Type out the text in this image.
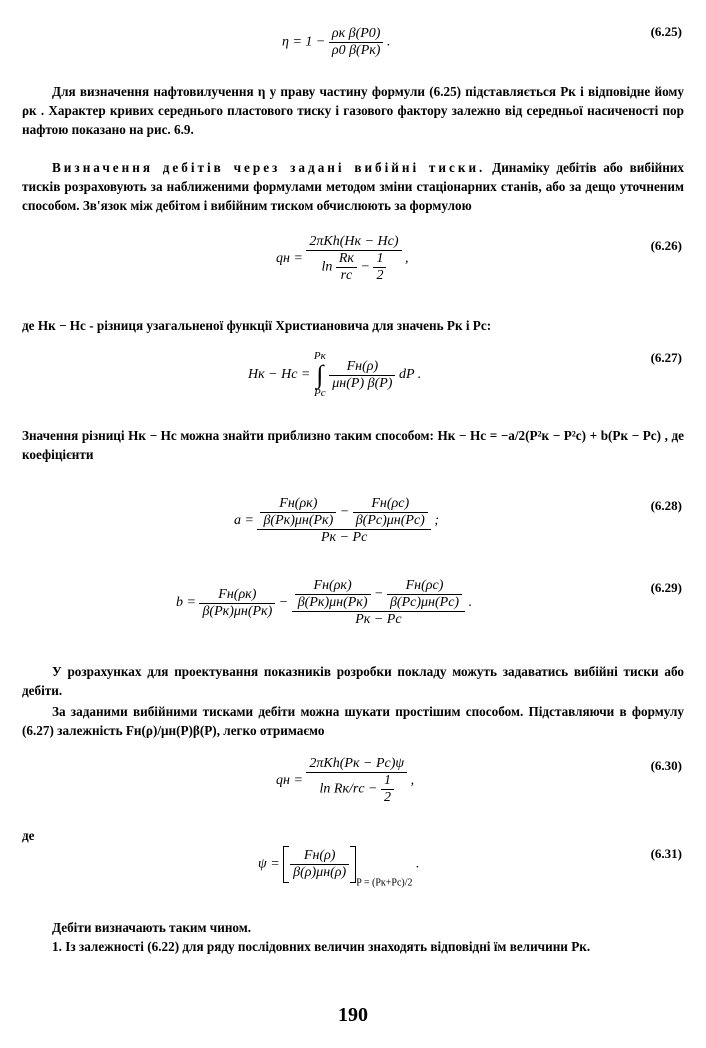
$\eta = 1 - \frac{\text{ρк β(P0)}}{\rho 0 \beta(Pк)}$ .
(6.25)
Для визначення нафтовилучення η у праву частину формули (6.25) підставляється Pк і відповідне йому ρк . Характер кривих середнього пластового тиску і газового фактору залежно від середньої насиченості пор нафтою показано на рис. 6.9.
Визначення дебітів через задані вибійні тиски. Динаміку дебітів або вибійних тисків розраховують за наближеними формулами методом зміни стаціонарних станів, або за дещо уточненим способом. Зв'язок між дебітом і вибійним тиском обчислюють за формулою
qн = $\frac{\text{2πKh(Hк − Hс)}}{\ln \frac{Rк}{rс} - \frac{1}{2}}$ ,
(6.26)
де Hк − Hс - різниця узагальненої функції Христиановича для значень Pк і Pс:
Hк − Hс =
Pк
∫
Pс

$\frac{Fн(\rho)}{\mu н(P) \beta(P)}$ dP .
(6.27)
Значення різниці Hк − Hс можна знайти приблизно таким способом: Hк − Hс = −a/2(P²к − P²с) + b(Pк − Pс) , де коефіцієнти
$a = \frac{\frac{Fн(\rho к)}{\beta(Pк)\mu н(Pк)} - \frac{Fн(\rho с)}{\beta(Pс)\mu н(Pс)}}{Pк - Pс}$ ;
(6.28)
$b = \frac{Fн(\rho к)}{\beta(Pк)\mu н(Pк)} - \frac{\frac{Fн(\rho к)}{\beta(Pк)\mu н(Pк)} - \frac{Fн(\rho с)}{\beta(Pс)\mu н(Pс)}}{Pк - Pс}$ .
(6.29)
У розрахунках для проектування показників розробки покладу можуть задаватись вибійні тиски або дебіти.
За заданими вибійними тисками дебіти можна шукати простішим способом. Підставляючи в формулу (6.27) залежність Fн(ρ)/μн(P)β(P), легко отримаємо
qн = $\frac{\text{2πKh(Pк − Pс)ψ}}{\ln Rк/rс - \frac{1}{2}}$ ,
(6.30)
де
$\psi = \frac{Fн(\rho)}{\beta(\rho)\mu н(\rho)}$
$_{P = (Pк+Pс)/2}$ .
(6.31)
Дебіти визначають таким чином.
1. Із залежності (6.22) для ряду послідовних величин знаходять відповідні їм величини Pк.
190
